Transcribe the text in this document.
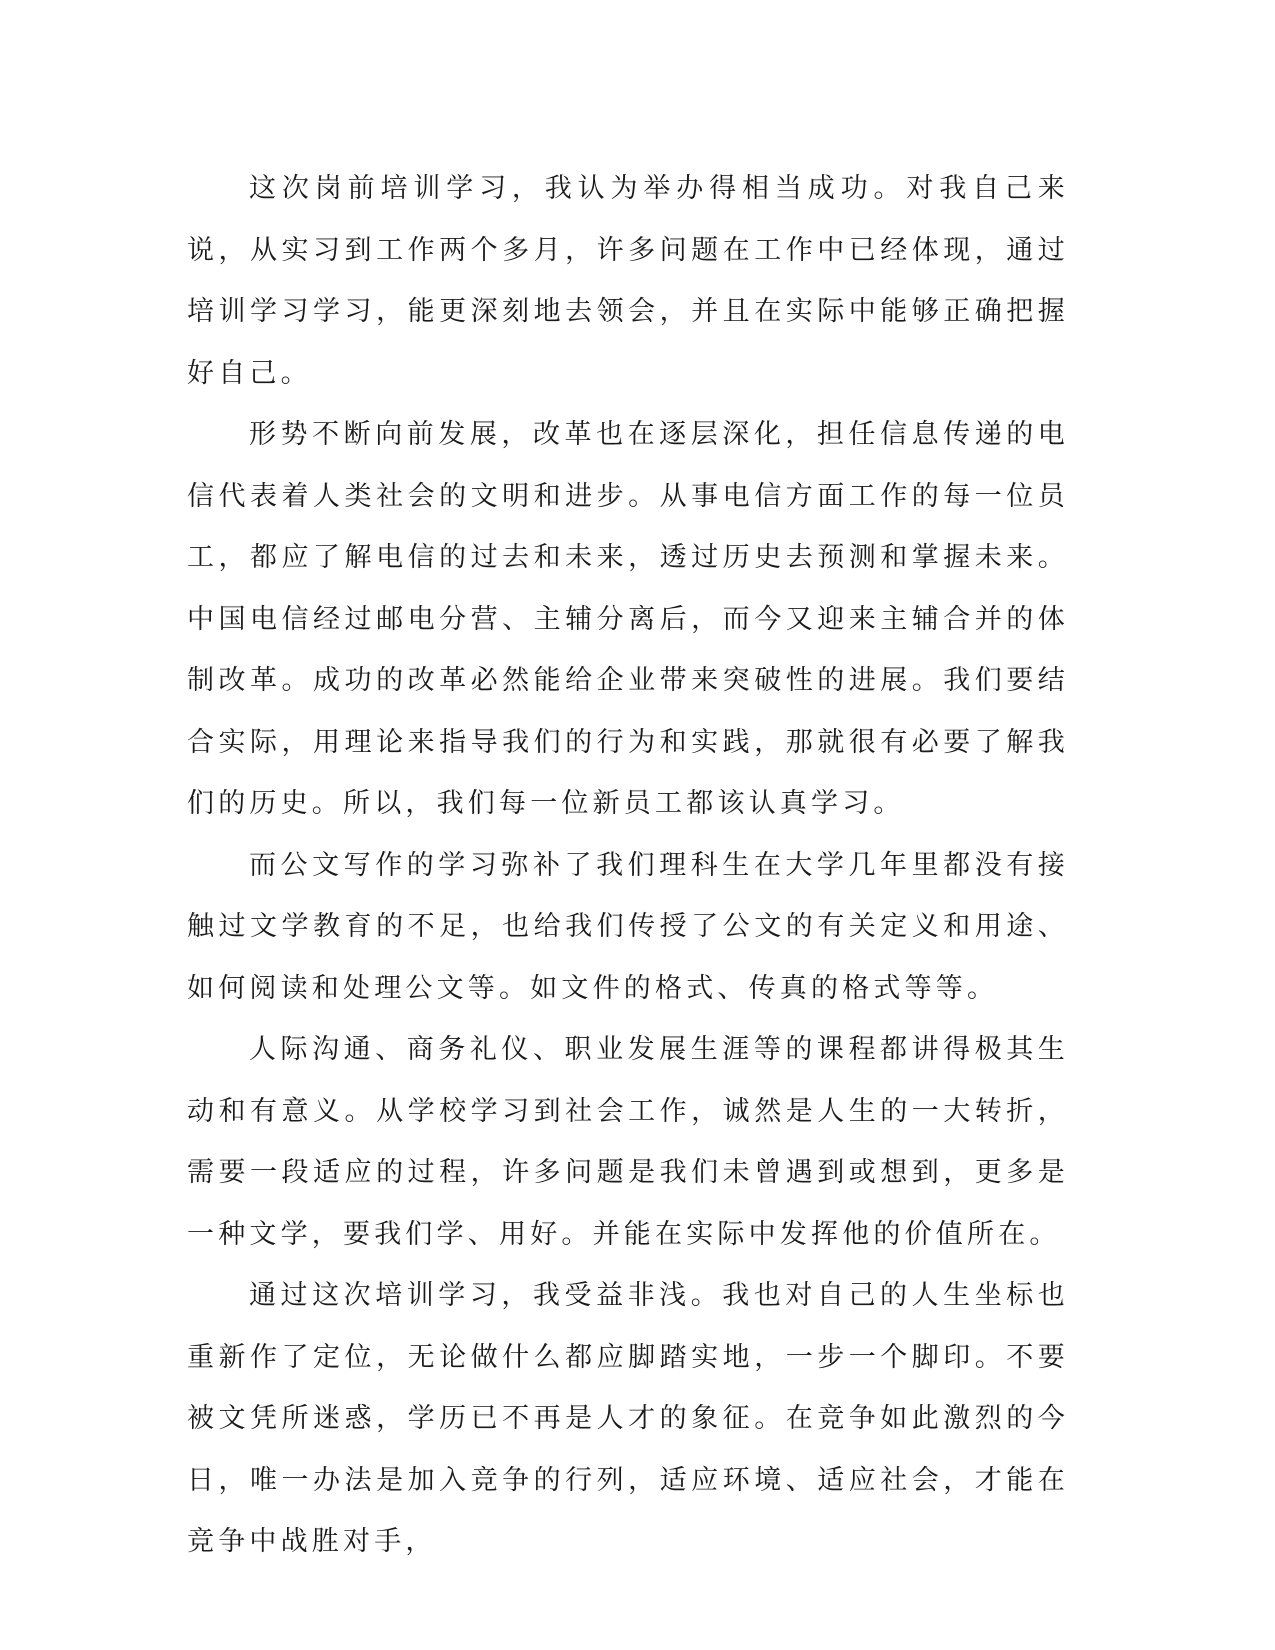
这次岗前培训学习，我认为举办得相当成功。对我自己来说，从实习到工作两个多月，许多问题在工作中已经体现，通过培训学习学习，能更深刻地去领会，并且在实际中能够正确把握好自己。

形势不断向前发展，改革也在逐层深化，担任信息传递的电信代表着人类社会的文明和进步。从事电信方面工作的每一位员工，都应了解电信的过去和未来，透过历史去预测和掌握未来。中国电信经过邮电分营、主辅分离后，而今又迎来主辅合并的体制改革。成功的改革必然能给企业带来突破性的进展。我们要结合实际，用理论来指导我们的行为和实践，那就很有必要了解我们的历史。所以，我们每一位新员工都该认真学习。

而公文写作的学习弥补了我们理科生在大学几年里都没有接触过文学教育的不足，也给我们传授了公文的有关定义和用途、如何阅读和处理公文等。如文件的格式、传真的格式等等。

人际沟通、商务礼仪、职业发展生涯等的课程都讲得极其生动和有意义。从学校学习到社会工作，诚然是人生的一大转折，需要一段适应的过程，许多问题是我们未曾遇到或想到，更多是一种文学，要我们学、用好。并能在实际中发挥他的价值所在。

通过这次培训学习，我受益非浅。我也对自己的人生坐标也重新作了定位，无论做什么都应脚踏实地，一步一个脚印。不要被文凭所迷惑，学历已不再是人才的象征。在竞争如此激烈的今日，唯一办法是加入竞争的行列，适应环境、适应社会，才能在竞争中战胜对手，
